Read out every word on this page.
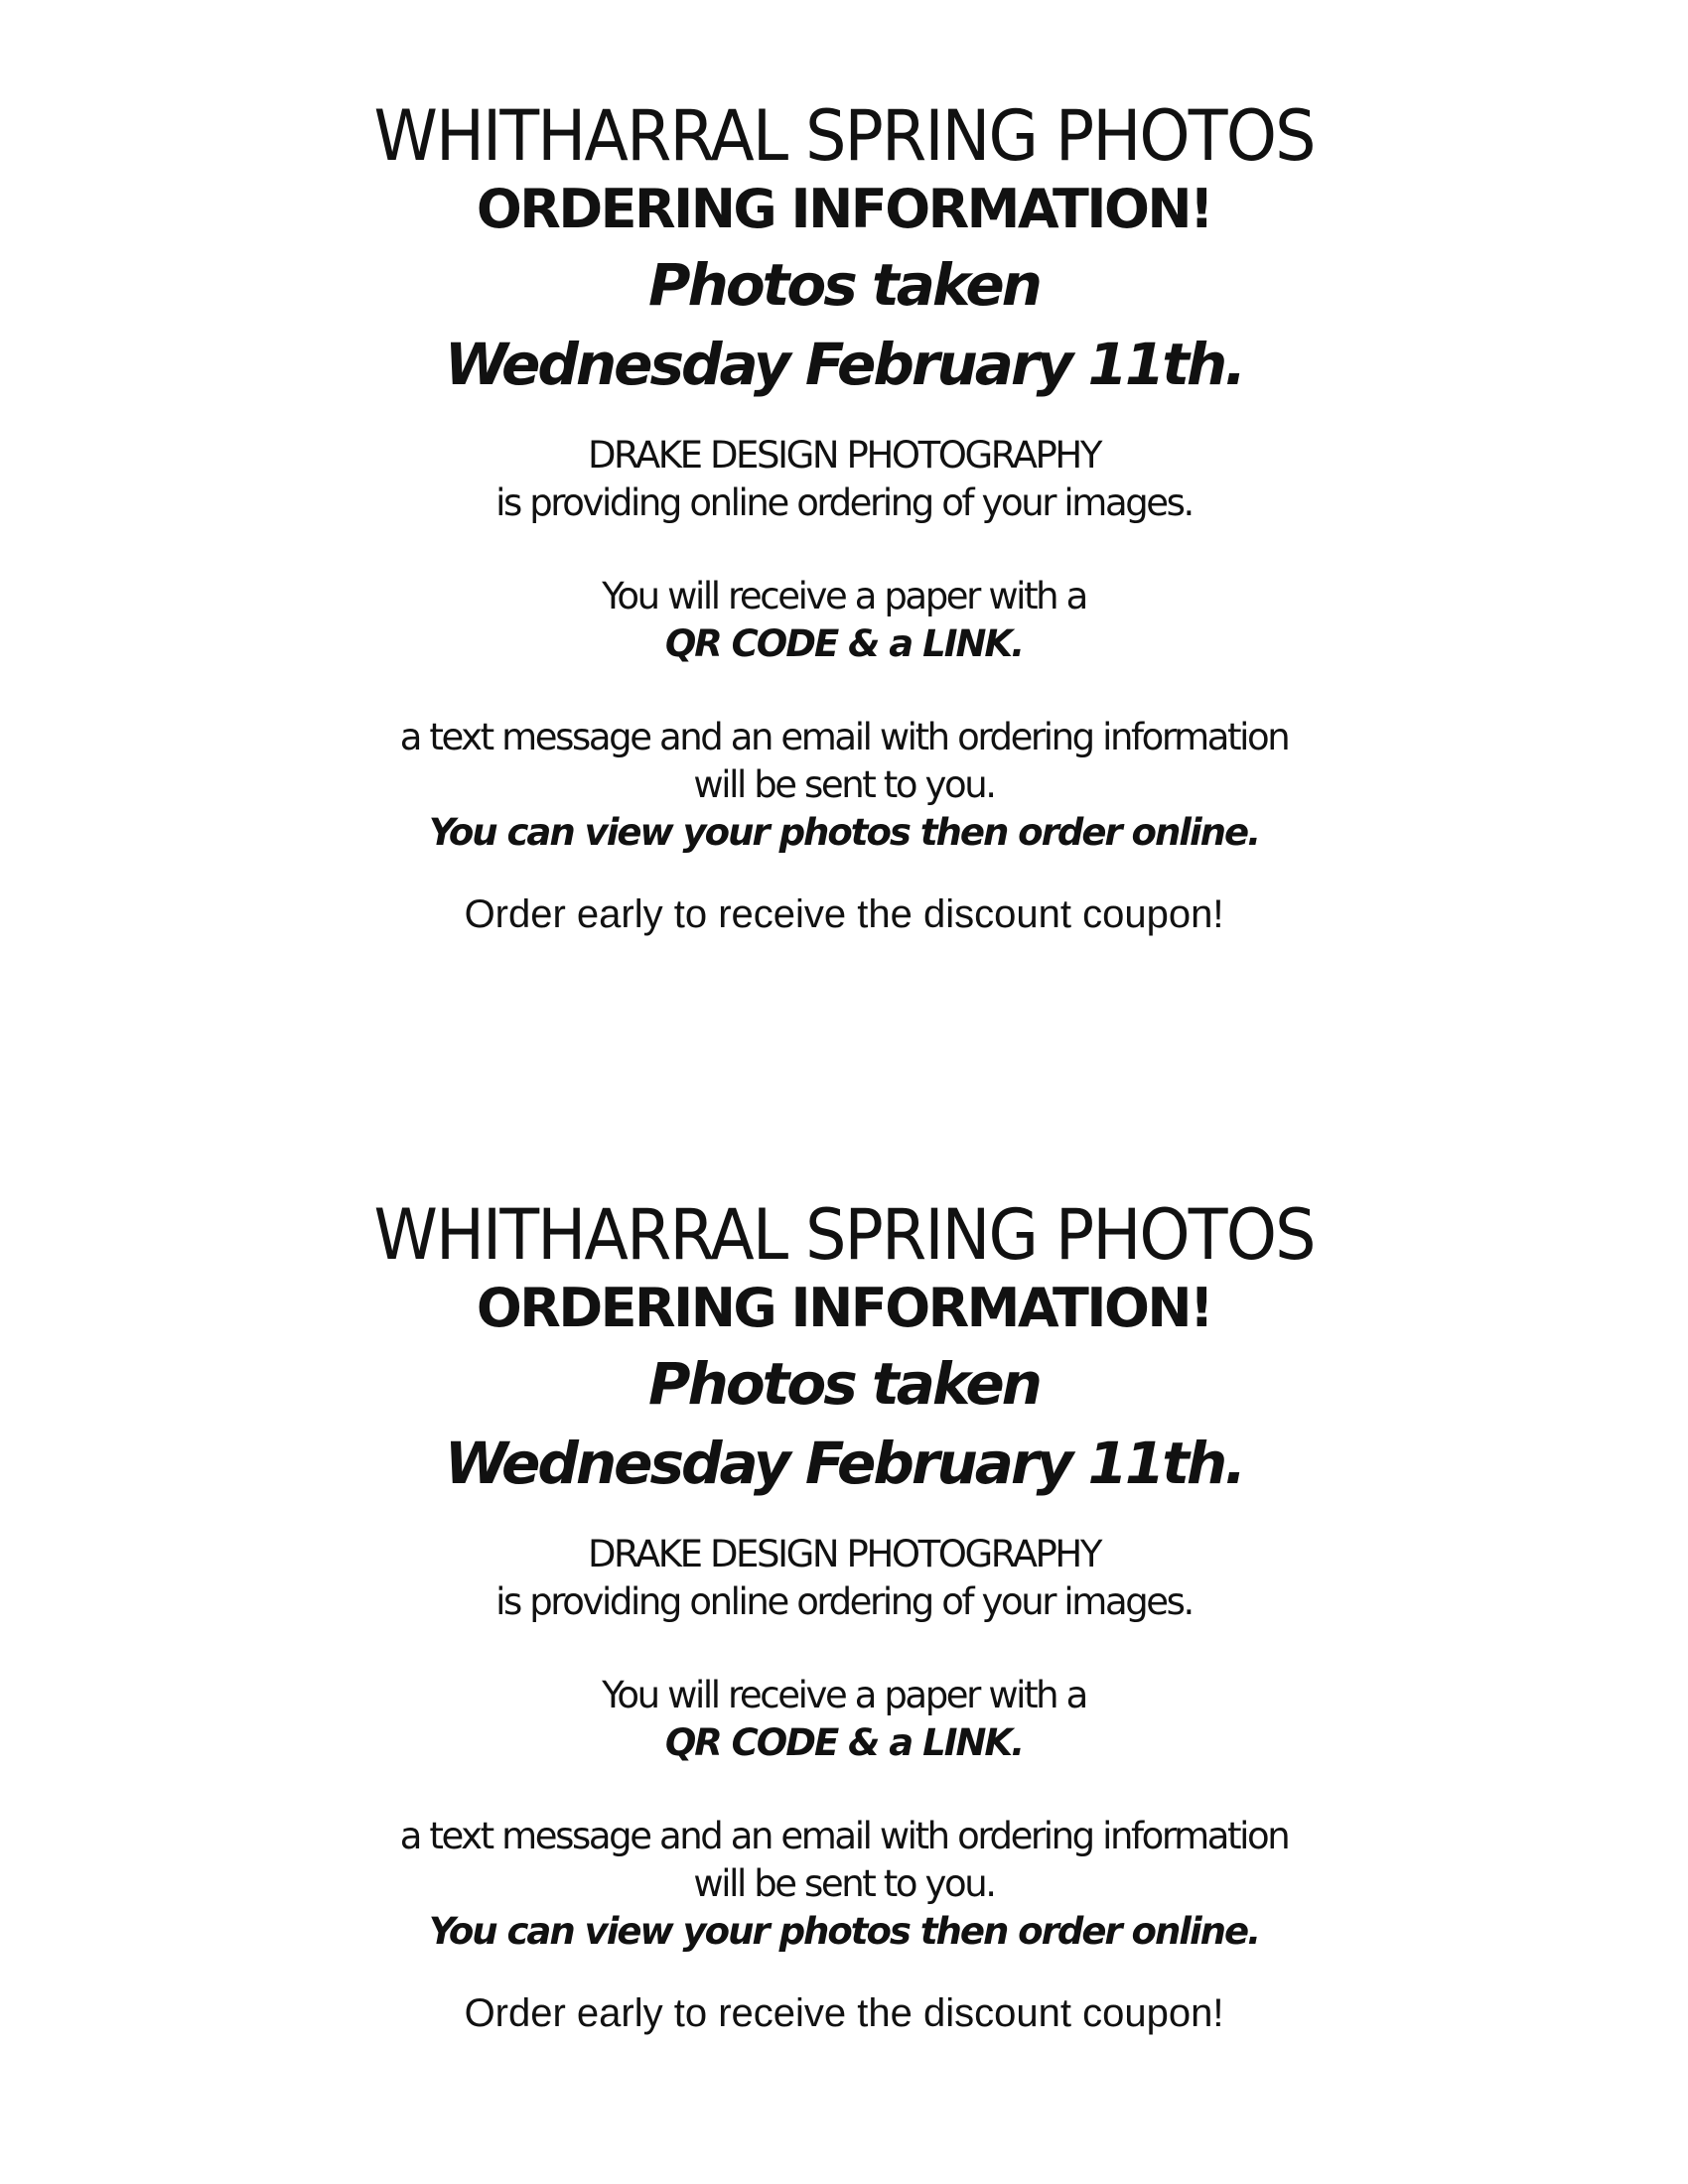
WHITHARRAL SPRING PHOTOS
ORDERING INFORMATION!

Photos taken

Wednesday February 11th.

DRAKE DESIGN PHOTOGRAPHY

is providing online ordering of your images.

You will receive a paper with a

QR CODE & a LINK.

a text message and an email with ordering information

will be sent to you.

You can view your photos then order online.

Order early to receive the discount coupon!

WHITHARRAL SPRING PHOTOS
ORDERING INFORMATION!

Photos taken

Wednesday February 11th.

DRAKE DESIGN PHOTOGRAPHY

is providing online ordering of your images.

You will receive a paper with a

QR CODE & a LINK.

a text message and an email with ordering information

will be sent to you.

You can view your photos then order online.

Order early to receive the discount coupon!
